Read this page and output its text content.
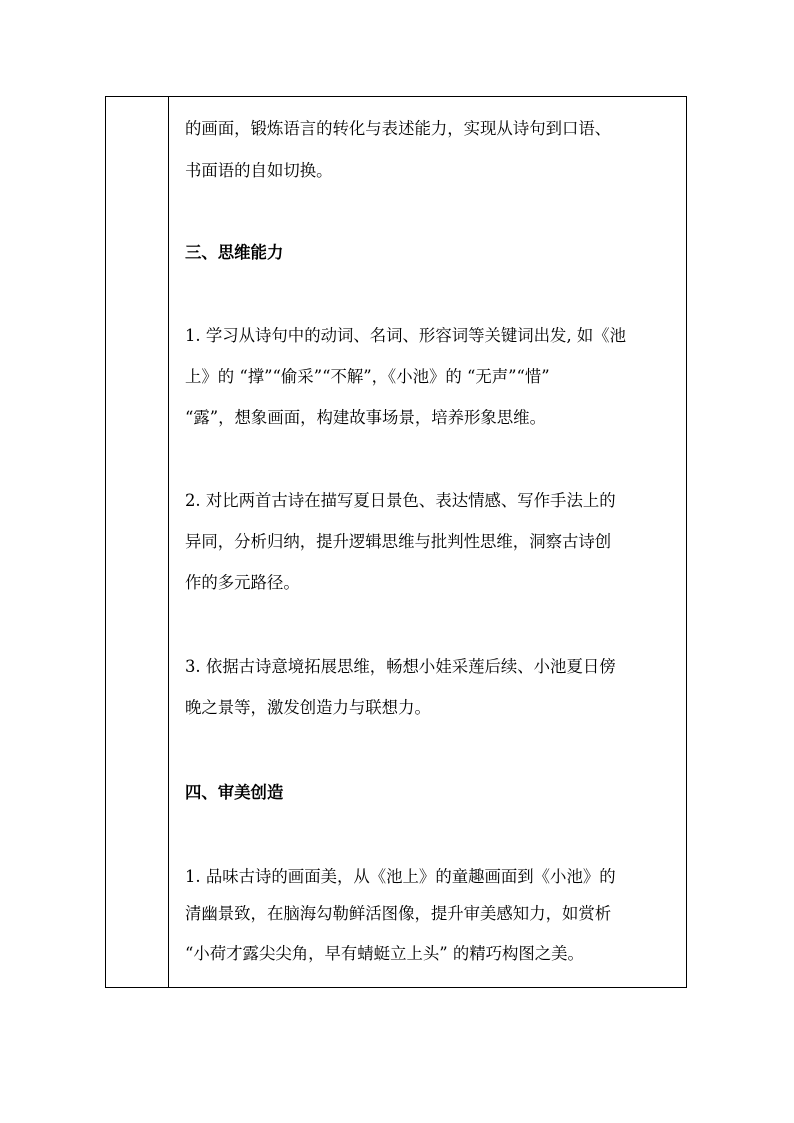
的画面，锻炼语言的转化与表述能力，实现从诗句到口语、
书面语的自如切换。
三、思维能力
1. 学习从诗句中的动词、名词、形容词等关键词出发, 如《池
上》的 “撑”“偷采”“不解”，《小池》的 “无声”“惜”
“露”，想象画面，构建故事场景，培养形象思维。
2. 对比两首古诗在描写夏日景色、表达情感、写作手法上的
异同，分析归纳，提升逻辑思维与批判性思维，洞察古诗创
作的多元路径。
3. 依据古诗意境拓展思维，畅想小娃采莲后续、小池夏日傍
晚之景等，激发创造力与联想力。
四、审美创造
1. 品味古诗的画面美，从《池上》的童趣画面到《小池》的
清幽景致，在脑海勾勒鲜活图像，提升审美感知力，如赏析
“小荷才露尖尖角，早有蜻蜓立上头” 的精巧构图之美。
